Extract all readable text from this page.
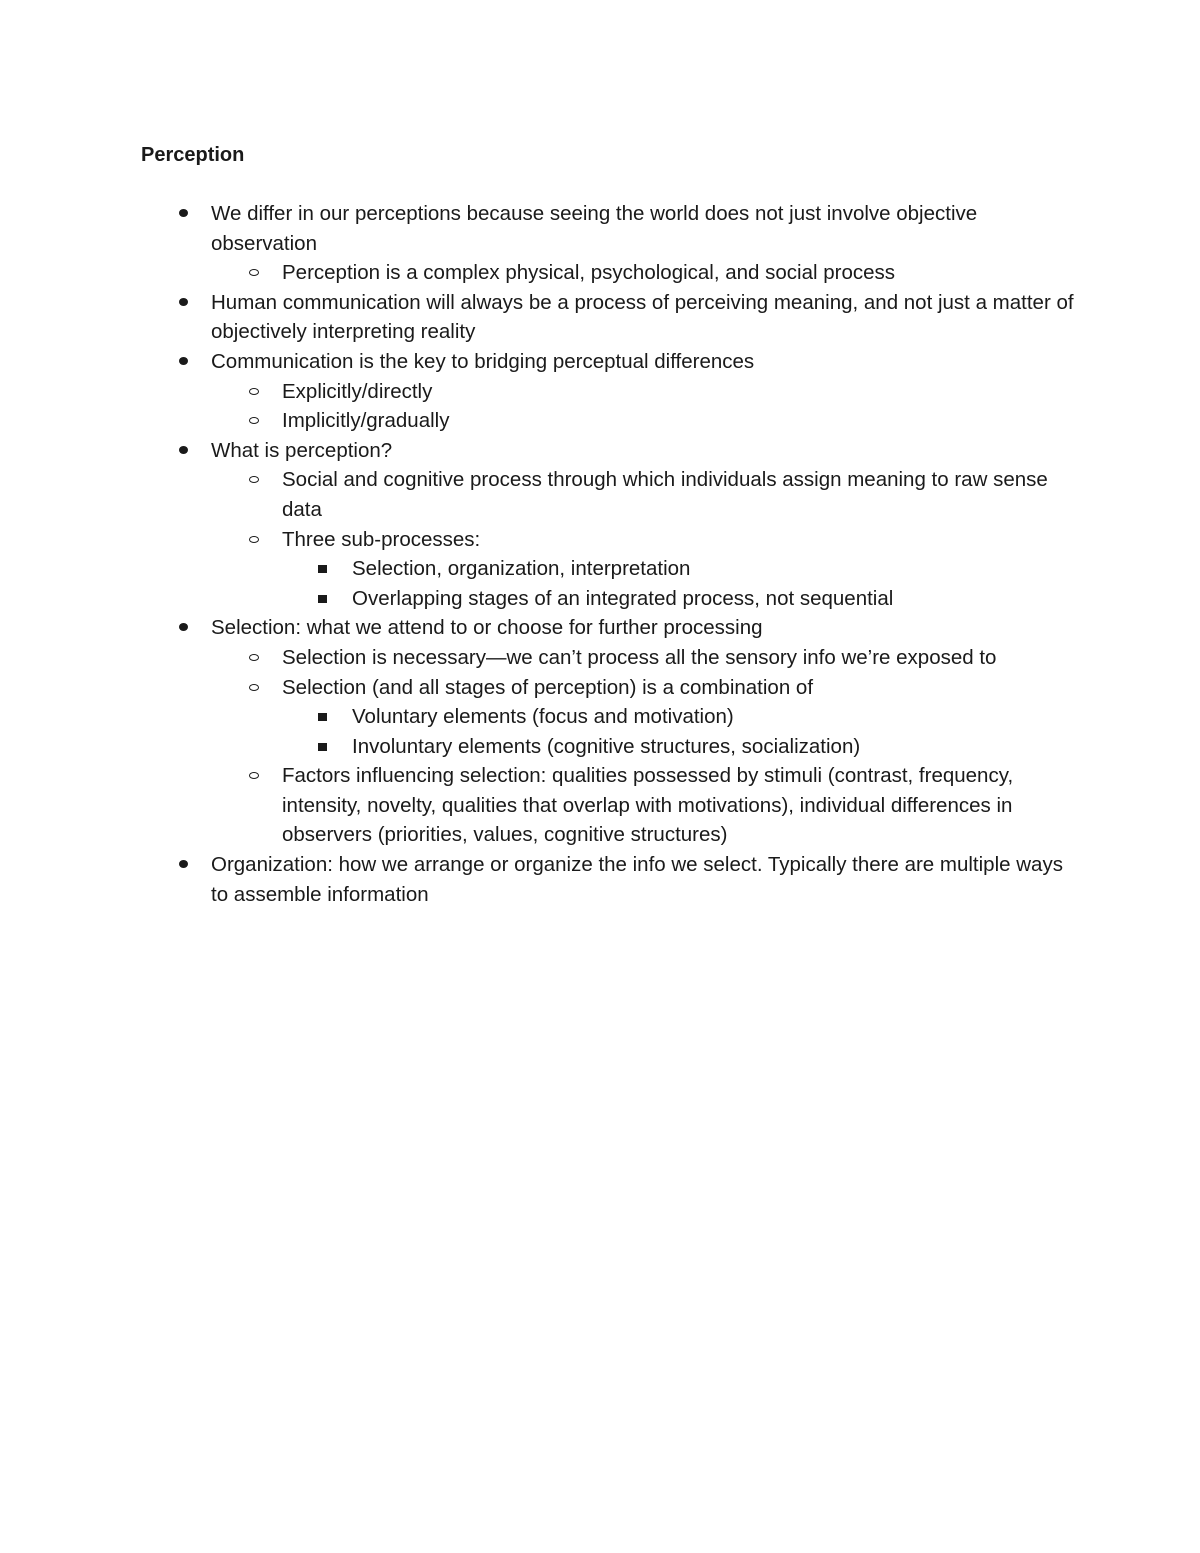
Perception
We differ in our perceptions because seeing the world does not just involve objective observation
Perception is a complex physical, psychological, and social process
Human communication will always be a process of perceiving meaning, and not just a matter of objectively interpreting reality
Communication is the key to bridging perceptual differences
Explicitly/directly
Implicitly/gradually
What is perception?
Social and cognitive process through which individuals assign meaning to raw sense data
Three sub-processes:
Selection, organization, interpretation
Overlapping stages of an integrated process, not sequential
Selection: what we attend to or choose for further processing
Selection is necessary—we can’t process all the sensory info we’re exposed to
Selection (and all stages of perception) is a combination of
Voluntary elements (focus and motivation)
Involuntary elements (cognitive structures, socialization)
Factors influencing selection: qualities possessed by stimuli (contrast, frequency, intensity, novelty, qualities that overlap with motivations), individual differences in observers (priorities, values, cognitive structures)
Organization: how we arrange or organize the info we select. Typically there are multiple ways to assemble information
